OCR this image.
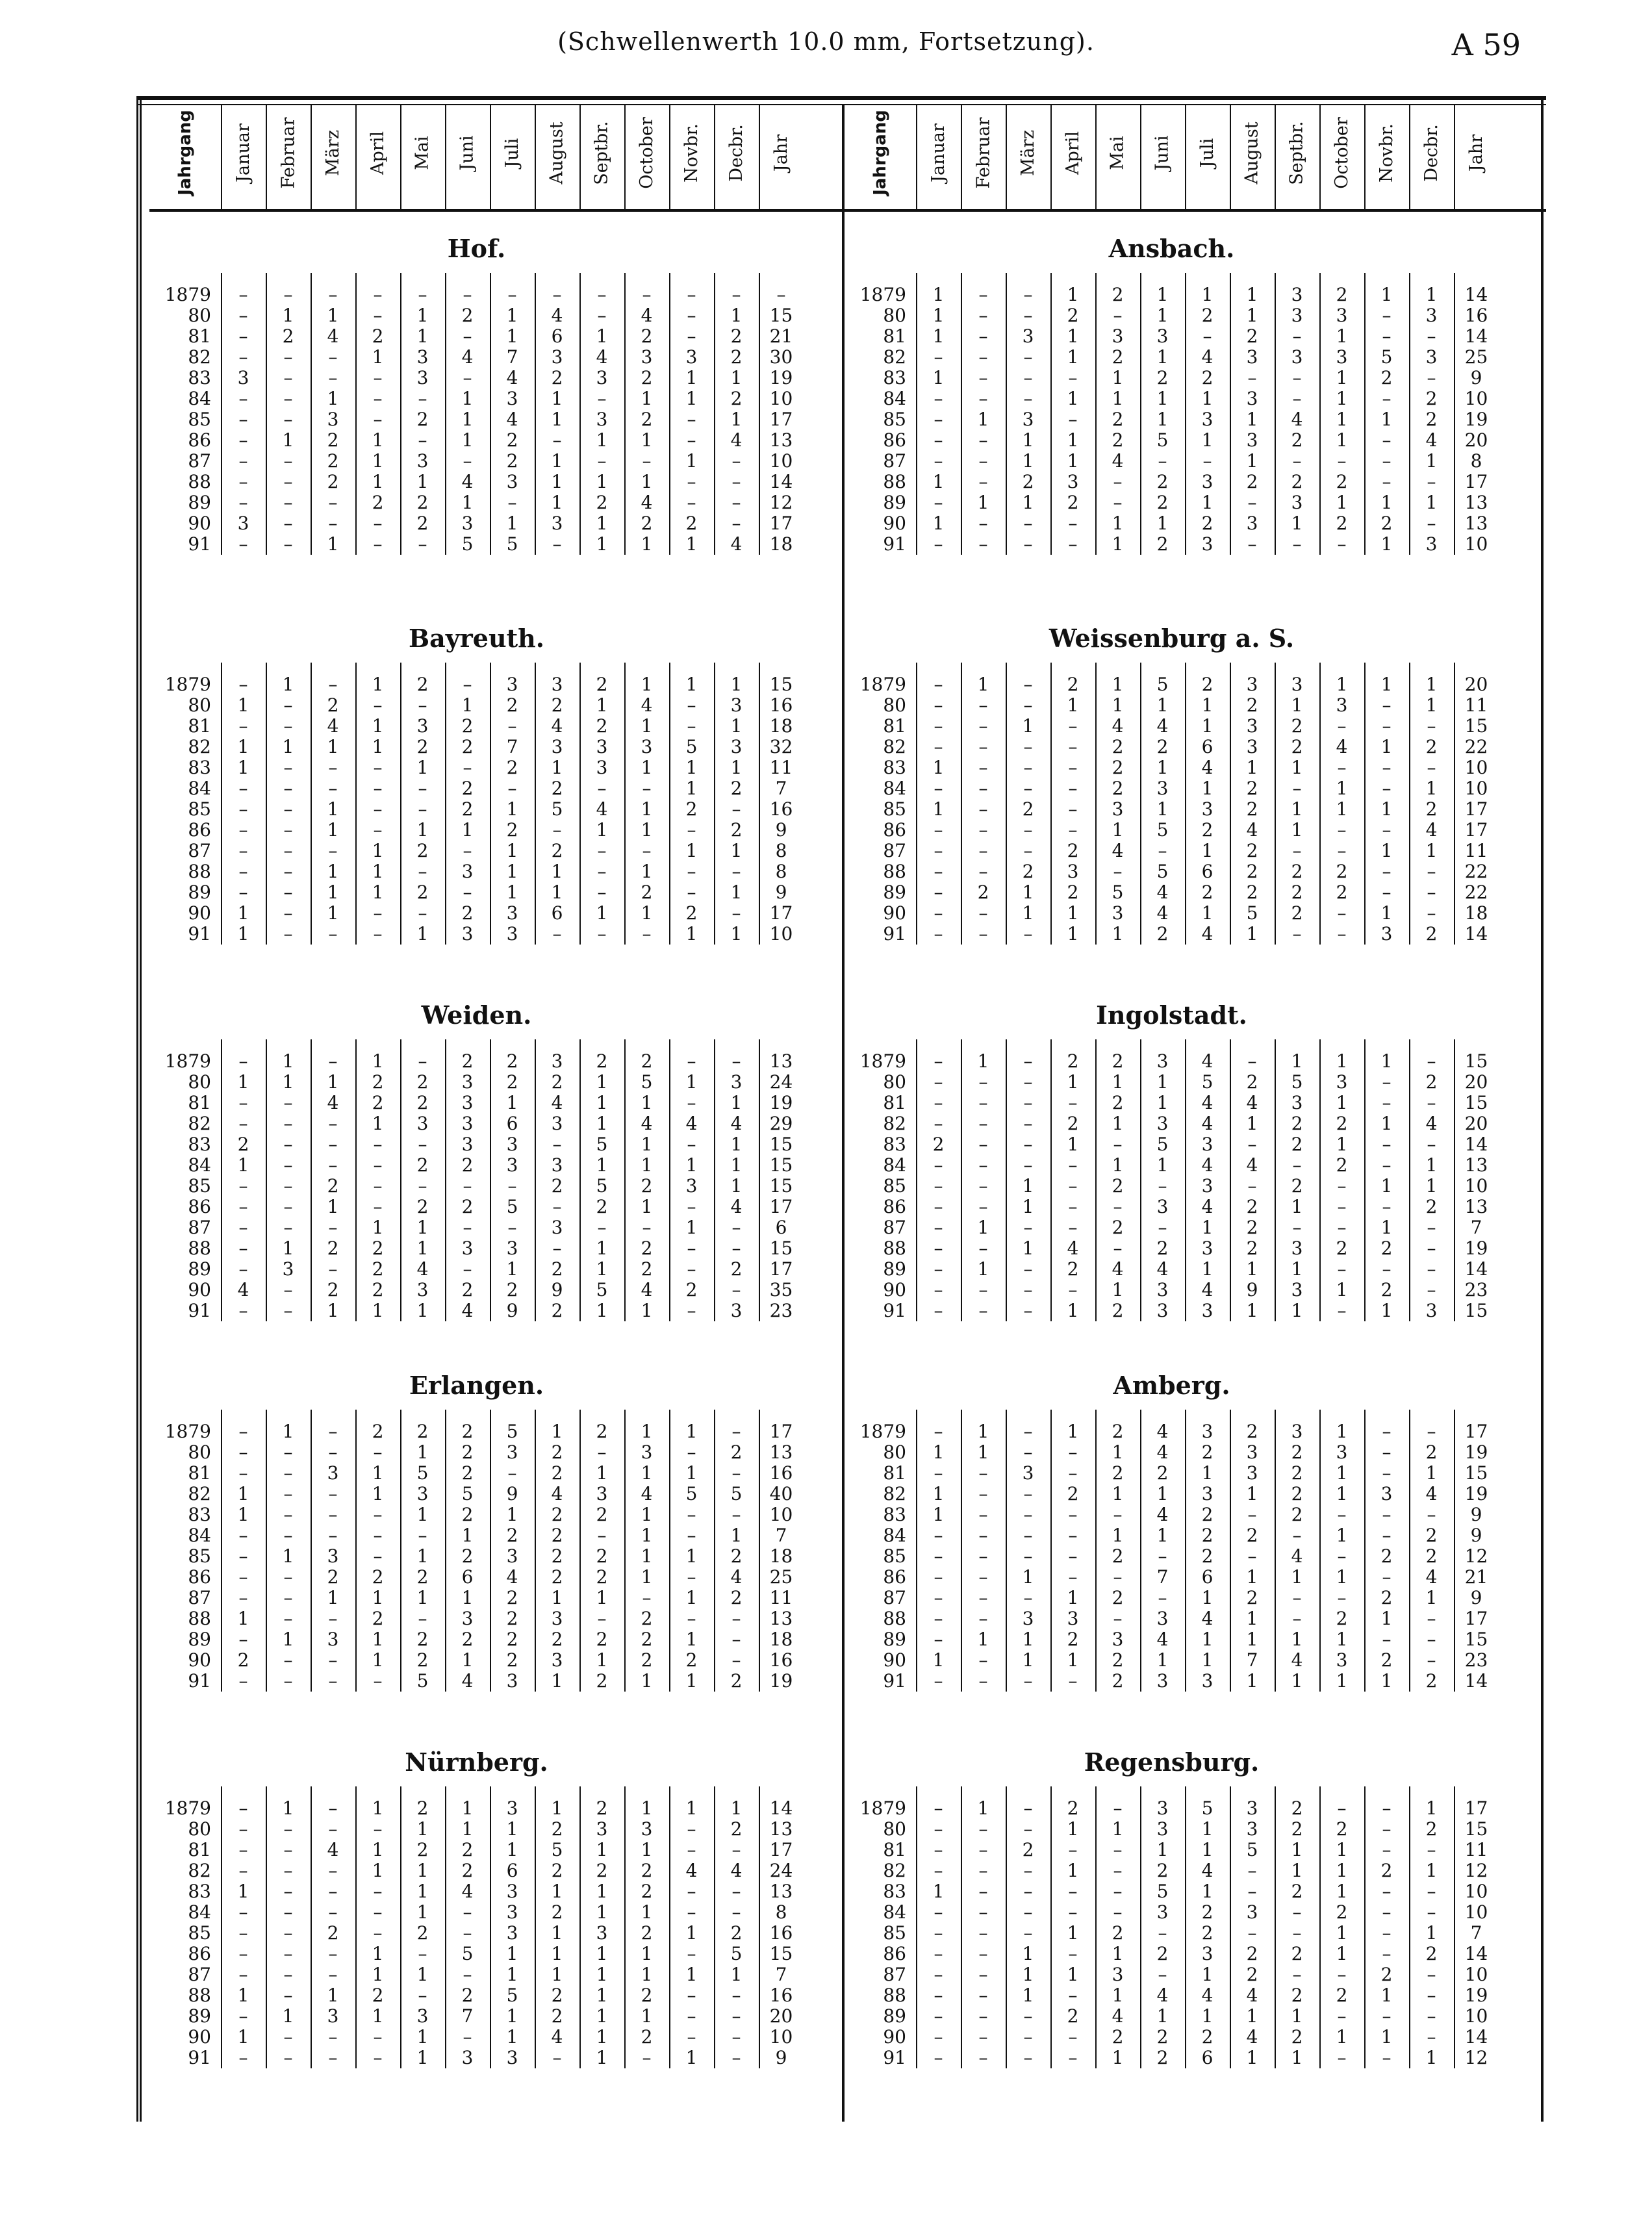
(Schwellenwerth 10.0 mm, Fortsetzung).	A 59
Jahrgang Januar Februar März April Mai Juni Juli August Septbr. October Novbr. Decbr. Jahr
Hof.
1879	–	–	–	–	–	–	–	–	–	–	–	–	–
80	–	1	1	–	1	2	1	4	–	4	–	1	15
81	–	2	4	2	1	–	1	6	1	2	–	2	21
82	–	–	–	1	3	4	7	3	4	3	3	2	30
83	3	–	–	–	3	–	4	2	3	2	1	1	19
84	–	–	1	–	–	1	3	1	–	1	1	2	10
85	–	–	3	–	2	1	4	1	3	2	–	1	17
86	–	1	2	1	–	1	2	–	1	1	–	4	13
87	–	–	2	1	3	–	2	1	–	–	1	–	10
88	–	–	2	1	1	4	3	1	1	1	–	–	14
89	–	–	–	2	2	1	–	1	2	4	–	–	12
90	3	–	–	–	2	3	1	3	1	2	2	–	17
91	–	–	1	–	–	5	5	–	1	1	1	4	18
Bayreuth.
1879	–	1	–	1	2	–	3	3	2	1	1	1	15
80	1	–	2	–	–	1	2	2	1	4	–	3	16
81	–	–	4	1	3	2	–	4	2	1	–	1	18
82	1	1	1	1	2	2	7	3	3	3	5	3	32
83	1	–	–	–	1	–	2	1	3	1	1	1	11
84	–	–	–	–	–	2	–	2	–	–	1	2	7
85	–	–	1	–	–	2	1	5	4	1	2	–	16
86	–	–	1	–	1	1	2	–	1	1	–	2	9
87	–	–	–	1	2	–	1	2	–	–	1	1	8
88	–	–	1	1	–	3	1	1	–	1	–	–	8
89	–	–	1	1	2	–	1	1	–	2	–	1	9
90	1	–	1	–	–	2	3	6	1	1	2	–	17
91	1	–	–	–	1	3	3	–	–	–	1	1	10
Weiden.
1879	–	1	–	1	–	2	2	3	2	2	–	–	13
80	1	1	1	2	2	3	2	2	1	5	1	3	24
81	–	–	4	2	2	3	1	4	1	1	–	1	19
82	–	–	–	1	3	3	6	3	1	4	4	4	29
83	2	–	–	–	–	3	3	–	5	1	–	1	15
84	1	–	–	–	2	2	3	3	1	1	1	1	15
85	–	–	2	–	–	–	–	2	5	2	3	1	15
86	–	–	1	–	2	2	5	–	2	1	–	4	17
87	–	–	–	1	1	–	–	3	–	–	1	–	6
88	–	1	2	2	1	3	3	–	1	2	–	–	15
89	–	3	–	2	4	–	1	2	1	2	–	2	17
90	4	–	2	2	3	2	2	9	5	4	2	–	35
91	–	–	1	1	1	4	9	2	1	1	–	3	23
Erlangen.
1879	–	1	–	2	2	2	5	1	2	1	1	–	17
80	–	–	–	–	1	2	3	2	–	3	–	2	13
81	–	–	3	1	5	2	–	2	1	1	1	–	16
82	1	–	–	1	3	5	9	4	3	4	5	5	40
83	1	–	–	–	1	2	1	2	2	1	–	–	10
84	–	–	–	–	–	1	2	2	–	1	–	1	7
85	–	1	3	–	1	2	3	2	2	1	1	2	18
86	–	–	2	2	2	6	4	2	2	1	–	4	25
87	–	–	1	1	1	1	2	1	1	–	1	2	11
88	1	–	–	2	–	3	2	3	–	2	–	–	13
89	–	1	3	1	2	2	2	2	2	2	1	–	18
90	2	–	–	1	2	1	2	3	1	2	2	–	16
91	–	–	–	–	5	4	3	1	2	1	1	2	19
Nürnberg.
1879	–	1	–	1	2	1	3	1	2	1	1	1	14
80	–	–	–	–	1	1	1	2	3	3	–	2	13
81	–	–	4	1	2	2	1	5	1	1	–	–	17
82	–	–	–	1	1	2	6	2	2	2	4	4	24
83	1	–	–	–	1	4	3	1	1	2	–	–	13
84	–	–	–	–	1	–	3	2	1	1	–	–	8
85	–	–	2	–	2	–	3	1	3	2	1	2	16
86	–	–	–	1	–	5	1	1	1	1	–	5	15
87	–	–	–	1	1	–	1	1	1	1	1	1	7
88	1	–	1	2	–	2	5	2	1	2	–	–	16
89	–	1	3	1	3	7	1	2	1	1	–	–	20
90	1	–	–	–	1	–	1	4	1	2	–	–	10
91	–	–	–	–	1	3	3	–	1	–	1	–	9
Jahrgang Januar Februar März April Mai Juni Juli August Septbr. October Novbr. Decbr. Jahr
Ansbach.
1879	1	–	–	1	2	1	1	1	3	2	1	1	14
80	1	–	–	2	–	1	2	1	3	3	–	3	16
81	1	–	3	1	3	3	–	2	–	1	–	–	14
82	–	–	–	1	2	1	4	3	3	3	5	3	25
83	1	–	–	–	1	2	2	–	–	1	2	–	9
84	–	–	–	1	1	1	1	3	–	1	–	2	10
85	–	1	3	–	2	1	3	1	4	1	1	2	19
86	–	–	1	1	2	5	1	3	2	1	–	4	20
87	–	–	1	1	4	–	–	1	–	–	–	1	8
88	1	–	2	3	–	2	3	2	2	2	–	–	17
89	–	1	1	2	–	2	1	–	3	1	1	1	13
90	1	–	–	–	1	1	2	3	1	2	2	–	13
91	–	–	–	–	1	2	3	–	–	–	1	3	10
Weissenburg a. S.
1879	–	1	–	2	1	5	2	3	3	1	1	1	20
80	–	–	–	1	1	1	1	2	1	3	–	1	11
81	–	–	1	–	4	4	1	3	2	–	–	–	15
82	–	–	–	–	2	2	6	3	2	4	1	2	22
83	1	–	–	–	2	1	4	1	1	–	–	–	10
84	–	–	–	–	2	3	1	2	–	1	–	1	10
85	1	–	2	–	3	1	3	2	1	1	1	2	17
86	–	–	–	–	1	5	2	4	1	–	–	4	17
87	–	–	–	2	4	–	1	2	–	–	1	1	11
88	–	–	2	3	–	5	6	2	2	2	–	–	22
89	–	2	1	2	5	4	2	2	2	2	–	–	22
90	–	–	1	1	3	4	1	5	2	–	1	–	18
91	–	–	–	1	1	2	4	1	–	–	3	2	14
Ingolstadt.
1879	–	1	–	2	2	3	4	–	1	1	1	–	15
80	–	–	–	1	1	1	5	2	5	3	–	2	20
81	–	–	–	–	2	1	4	4	3	1	–	–	15
82	–	–	–	2	1	3	4	1	2	2	1	4	20
83	2	–	–	1	–	5	3	–	2	1	–	–	14
84	–	–	–	–	1	1	4	4	–	2	–	1	13
85	–	–	1	–	2	–	3	–	2	–	1	1	10
86	–	–	1	–	–	3	4	2	1	–	–	2	13
87	–	1	–	–	2	–	1	2	–	–	1	–	7
88	–	–	1	4	–	2	3	2	3	2	2	–	19
89	–	1	–	2	4	4	1	1	1	–	–	–	14
90	–	–	–	–	1	3	4	9	3	1	2	–	23
91	–	–	–	1	2	3	3	1	1	–	1	3	15
Amberg.
1879	–	1	–	1	2	4	3	2	3	1	–	–	17
80	1	1	–	–	1	4	2	3	2	3	–	2	19
81	–	–	3	–	2	2	1	3	2	1	–	1	15
82	1	–	–	2	1	1	3	1	2	1	3	4	19
83	1	–	–	–	–	4	2	–	2	–	–	–	9
84	–	–	–	–	1	1	2	2	–	1	–	2	9
85	–	–	–	–	2	–	2	–	4	–	2	2	12
86	–	–	1	–	–	7	6	1	1	1	–	4	21
87	–	–	–	1	2	–	1	2	–	–	2	1	9
88	–	–	3	3	–	3	4	1	–	2	1	–	17
89	–	1	1	2	3	4	1	1	1	1	–	–	15
90	1	–	1	1	2	1	1	7	4	3	2	–	23
91	–	–	–	–	2	3	3	1	1	1	1	2	14
Regensburg.
1879	–	1	–	2	–	3	5	3	2	–	–	1	17
80	–	–	–	1	1	3	1	3	2	2	–	2	15
81	–	–	2	–	–	1	1	5	1	1	–	–	11
82	–	–	–	1	–	2	4	–	1	1	2	1	12
83	1	–	–	–	–	5	1	–	2	1	–	–	10
84	–	–	–	–	–	3	2	3	–	2	–	–	10
85	–	–	–	1	2	–	2	–	–	1	–	1	7
86	–	–	1	–	1	2	3	2	2	1	–	2	14
87	–	–	1	1	3	–	1	2	–	–	2	–	10
88	–	–	1	–	1	4	4	4	2	2	1	–	19
89	–	–	–	2	4	1	1	1	1	–	–	–	10
90	–	–	–	–	2	2	2	4	2	1	1	–	14
91	–	–	–	–	1	2	6	1	1	–	–	1	12
